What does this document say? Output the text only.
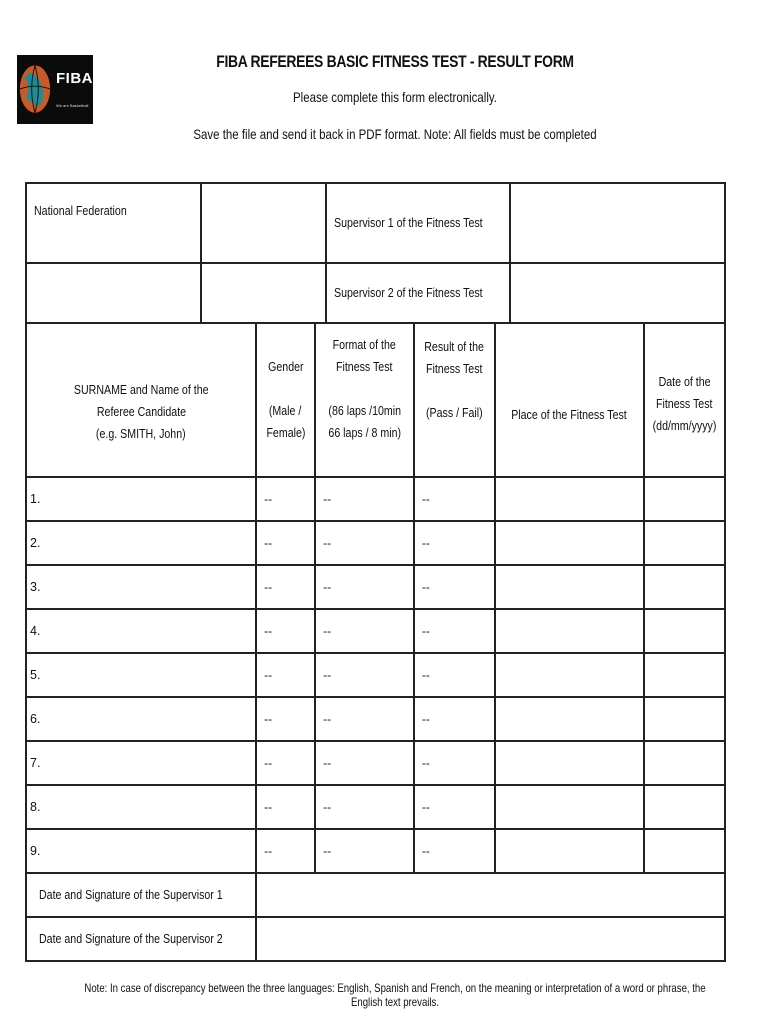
FIBA
We are Basketball
FIBA REFEREES BASIC FITNESS TEST - RESULT FORM
Please complete this form electronically.
Save the file and send it back in PDF format. Note: All fields must be completed
National Federation		Supervisor 1 of the Fitness Test	
		Supervisor 2 of the Fitness Test	
SURNAME and Name of the
Referee Candidate
(e.g. SMITH, John)	Gender

(Male /
Female)	Format of the
Fitness Test

(86 laps /10min
66 laps / 8 min)	Result of the
Fitness Test

(Pass / Fail)	Place of the Fitness Test	Date of the
Fitness Test
(dd/mm/yyyy)
1.	--	--	--		
2.	--	--	--		
3.	--	--	--		
4.	--	--	--		
5.	--	--	--		
6.	--	--	--		
7.	--	--	--		
8.	--	--	--		
9.	--	--	--		
Date and Signature of the Supervisor 1					
Date and Signature of the Supervisor 2					
Note: In case of discrepancy between the three languages: English, Spanish and French, on the meaning or interpretation of a word or phrase, the English text prevails.
